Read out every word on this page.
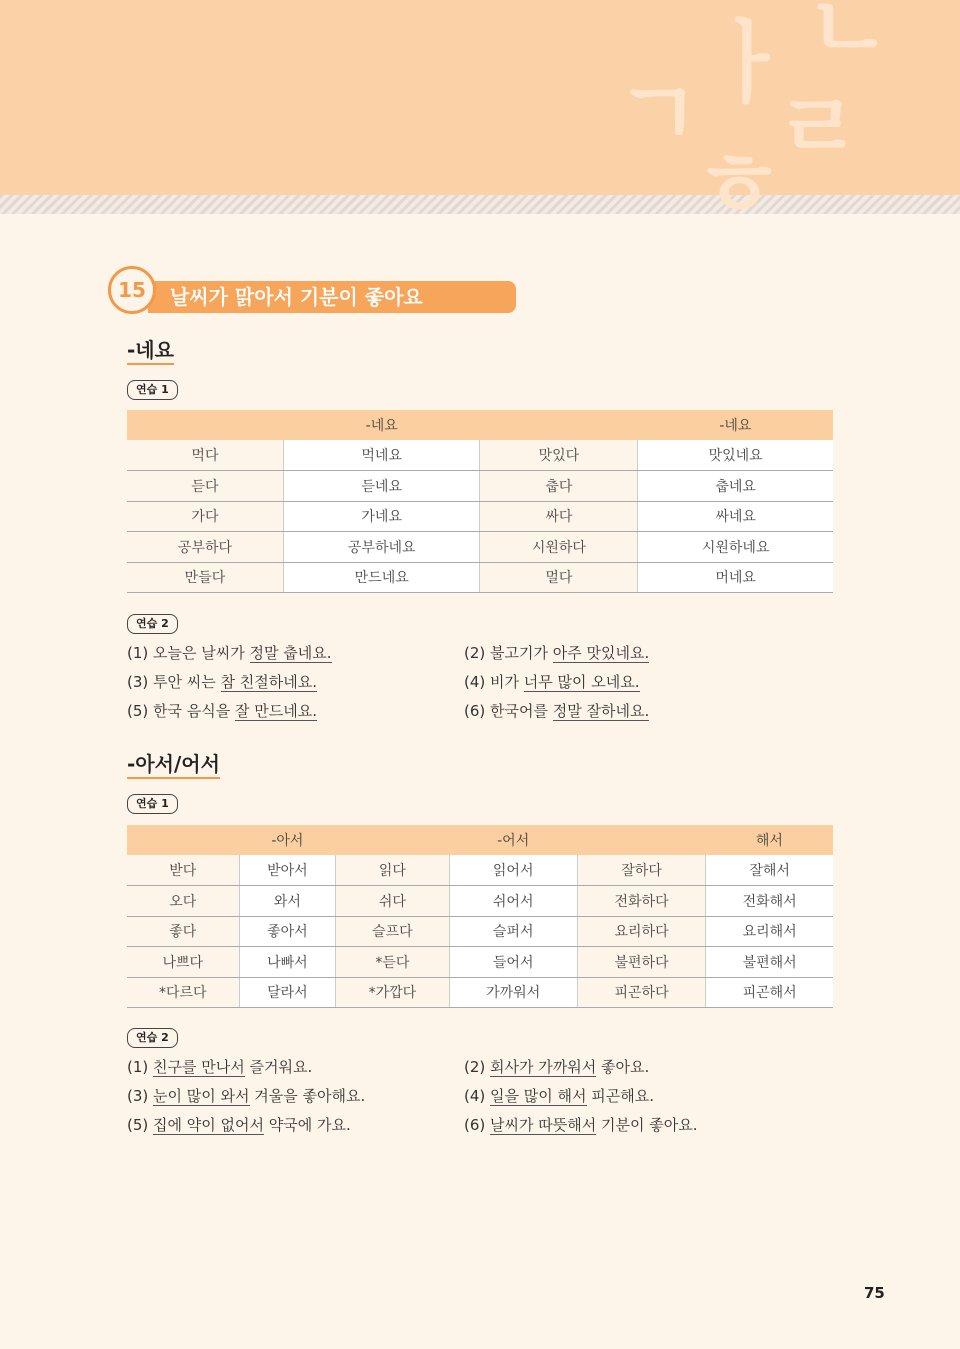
ㄱ ㅏ
ㄹ
ㅎ
ㄴ
15	날씨가 맑아서 기분이 좋아요
-네요
연습 1
	-네요		-네요
먹다	먹네요	맛있다	맛있네요
듣다	듣네요	춥다	춥네요
가다	가네요	싸다	싸네요
공부하다	공부하네요	시원하다	시원하네요
만들다	만드네요	멀다	머네요
연습 2
(1) 오늘은 날씨가 정말 춥네요.	(2) 불고기가 아주 맛있네요.
(3) 투안 씨는 참 친절하네요.	(4) 비가 너무 많이 오네요.
(5) 한국 음식을 잘 만드네요.	(6) 한국어를 정말 잘하네요.
-아서/어서
연습 1
	-아서		-어서		해서
받다	받아서	읽다	읽어서	잘하다	잘해서
오다	와서	쉬다	쉬어서	전화하다	전화해서
좋다	좋아서	슬프다	슬퍼서	요리하다	요리해서
나쁘다	나빠서	*듣다	들어서	불편하다	불편해서
*다르다	달라서	*가깝다	가까워서	피곤하다	피곤해서
연습 2
(1) 친구를 만나서 즐거워요.	(2) 회사가 가까워서 좋아요.
(3) 눈이 많이 와서 겨울을 좋아해요.	(4) 일을 많이 해서 피곤해요.
(5) 집에 약이 없어서 약국에 가요.	(6) 날씨가 따뜻해서 기분이 좋아요.
75
